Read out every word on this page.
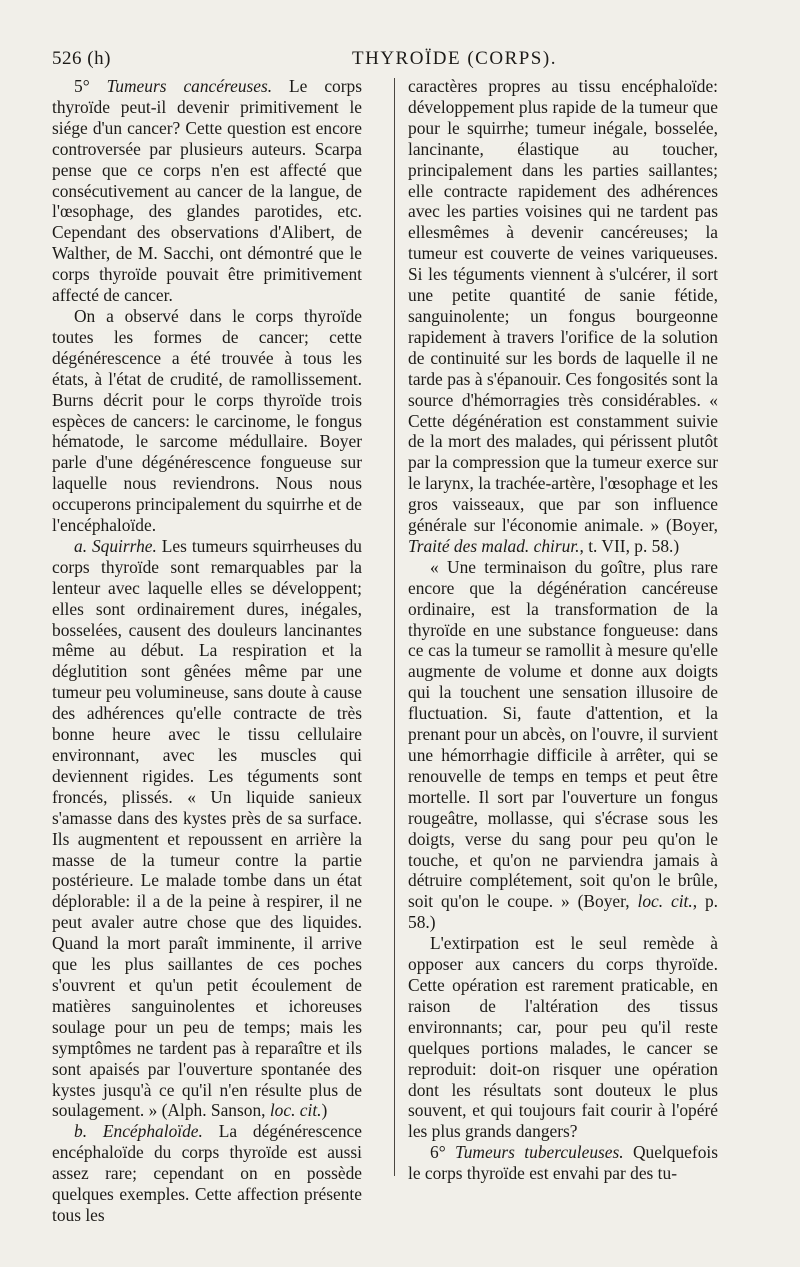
526 (h)	THYROÏDE (CORPS).

5° Tumeurs cancéreuses. Le corps thyroïde peut-il devenir primitivement le siége d'un cancer? Cette question est encore controversée par plusieurs auteurs. Scarpa pense que ce corps n'en est affecté que consécutivement au cancer de la langue, de l'œsophage, des glandes parotides, etc. Cependant des observations d'Alibert, de Walther, de M. Sacchi, ont démontré que le corps thyroïde pouvait être primitivement affecté de cancer.

On a observé dans le corps thyroïde toutes les formes de cancer; cette dégénérescence a été trouvée à tous les états, à l'état de crudité, de ramollissement. Burns décrit pour le corps thyroïde trois espèces de cancers: le carcinome, le fongus hématode, le sarcome médullaire. Boyer parle d'une dégénérescence fongueuse sur laquelle nous reviendrons. Nous nous occuperons principalement du squirrhe et de l'encéphaloïde.

a. Squirrhe. Les tumeurs squirrheuses du corps thyroïde sont remarquables par la lenteur avec laquelle elles se développent; elles sont ordinairement dures, inégales, bosselées, causent des douleurs lancinantes même au début. La respiration et la déglutition sont gênées même par une tumeur peu volumineuse, sans doute à cause des adhérences qu'elle contracte de très bonne heure avec le tissu cellulaire environnant, avec les muscles qui deviennent rigides. Les téguments sont froncés, plissés. « Un liquide sanieux s'amasse dans des kystes près de sa surface. Ils augmentent et repoussent en arrière la masse de la tumeur contre la partie postérieure. Le malade tombe dans un état déplorable: il a de la peine à respirer, il ne peut avaler autre chose que des liquides. Quand la mort paraît imminente, il arrive que les plus saillantes de ces poches s'ouvrent et qu'un petit écoulement de matières sanguinolentes et ichoreuses soulage pour un peu de temps; mais les symptômes ne tardent pas à reparaître et ils sont apaisés par l'ouverture spontanée des kystes jusqu'à ce qu'il n'en résulte plus de soulagement. » (Alph. Sanson, loc. cit.)

b. Encéphaloïde. La dégénérescence encéphaloïde du corps thyroïde est aussi assez rare; cependant on en possède quelques exemples. Cette affection présente tous les

caractères propres au tissu encéphaloïde: développement plus rapide de la tumeur que pour le squirrhe; tumeur inégale, bosselée, lancinante, élastique au toucher, principalement dans les parties saillantes; elle contracte rapidement des adhérences avec les parties voisines qui ne tardent pas ellesmêmes à devenir cancéreuses; la tumeur est couverte de veines variqueuses. Si les téguments viennent à s'ulcérer, il sort une petite quantité de sanie fétide, sanguinolente; un fongus bourgeonne rapidement à travers l'orifice de la solution de continuité sur les bords de laquelle il ne tarde pas à s'épanouir. Ces fongosités sont la source d'hémorragies très considérables. « Cette dégénération est constamment suivie de la mort des malades, qui périssent plutôt par la compression que la tumeur exerce sur le larynx, la trachée-artère, l'œsophage et les gros vaisseaux, que par son influence générale sur l'économie animale. » (Boyer, Traité des malad. chirur., t. VII, p. 58.)

« Une terminaison du goître, plus rare encore que la dégénération cancéreuse ordinaire, est la transformation de la thyroïde en une substance fongueuse: dans ce cas la tumeur se ramollit à mesure qu'elle augmente de volume et donne aux doigts qui la touchent une sensation illusoire de fluctuation. Si, faute d'attention, et la prenant pour un abcès, on l'ouvre, il survient une hémorrhagie difficile à arrêter, qui se renouvelle de temps en temps et peut être mortelle. Il sort par l'ouverture un fongus rougeâtre, mollasse, qui s'écrase sous les doigts, verse du sang pour peu qu'on le touche, et qu'on ne parviendra jamais à détruire complétement, soit qu'on le brûle, soit qu'on le coupe. » (Boyer, loc. cit., p. 58.)

L'extirpation est le seul remède à opposer aux cancers du corps thyroïde. Cette opération est rarement praticable, en raison de l'altération des tissus environnants; car, pour peu qu'il reste quelques portions malades, le cancer se reproduit: doit-on risquer une opération dont les résultats sont douteux le plus souvent, et qui toujours fait courir à l'opéré les plus grands dangers?

6° Tumeurs tuberculeuses. Quelquefois le corps thyroïde est envahi par des tu-
